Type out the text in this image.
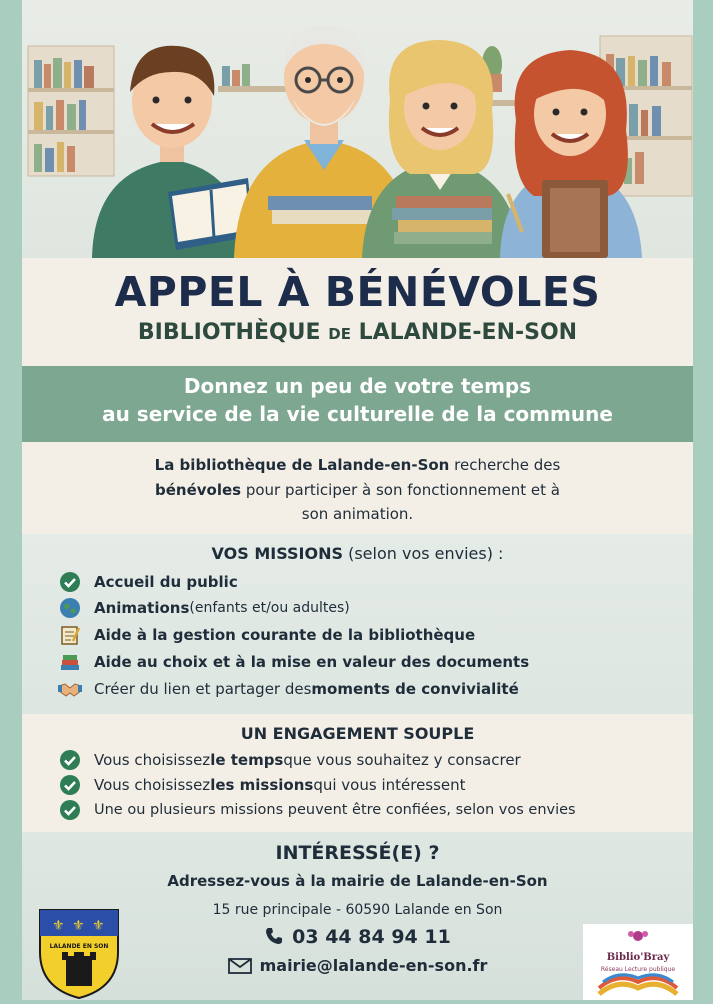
APPEL À BÉNÉVOLES
BIBLIOTHÈQUE DE LALANDE-EN-SON
Donnez un peu de votre temps
au service de la vie culturelle de la commune
La bibliothèque de Lalande-en-Son recherche des
bénévoles pour participer à son fonctionnement et à
son animation.
VOS MISSIONS (selon vos envies) :
Accueil du public
Animations (enfants et/ou adultes)
Aide à la gestion courante de la bibliothèque
Aide au choix et à la mise en valeur des documents
Créer du lien et partager des moments de convivialité
UN ENGAGEMENT SOUPLE
Vous choisissez le temps que vous souhaitez y consacrer
Vous choisissez les missions qui vous intéressent
Une ou plusieurs missions peuvent être confiées, selon vos envies
INTÉRESSÉ(E) ?
Adressez-vous à la mairie de Lalande-en-Son
15 rue principale - 60590 Lalande en Son
03 44 84 94 11
mairie@lalande-en-son.fr
⚜ ⚜ ⚜
LALANDE EN SON
Biblio'Bray
Réseau Lecture publique
